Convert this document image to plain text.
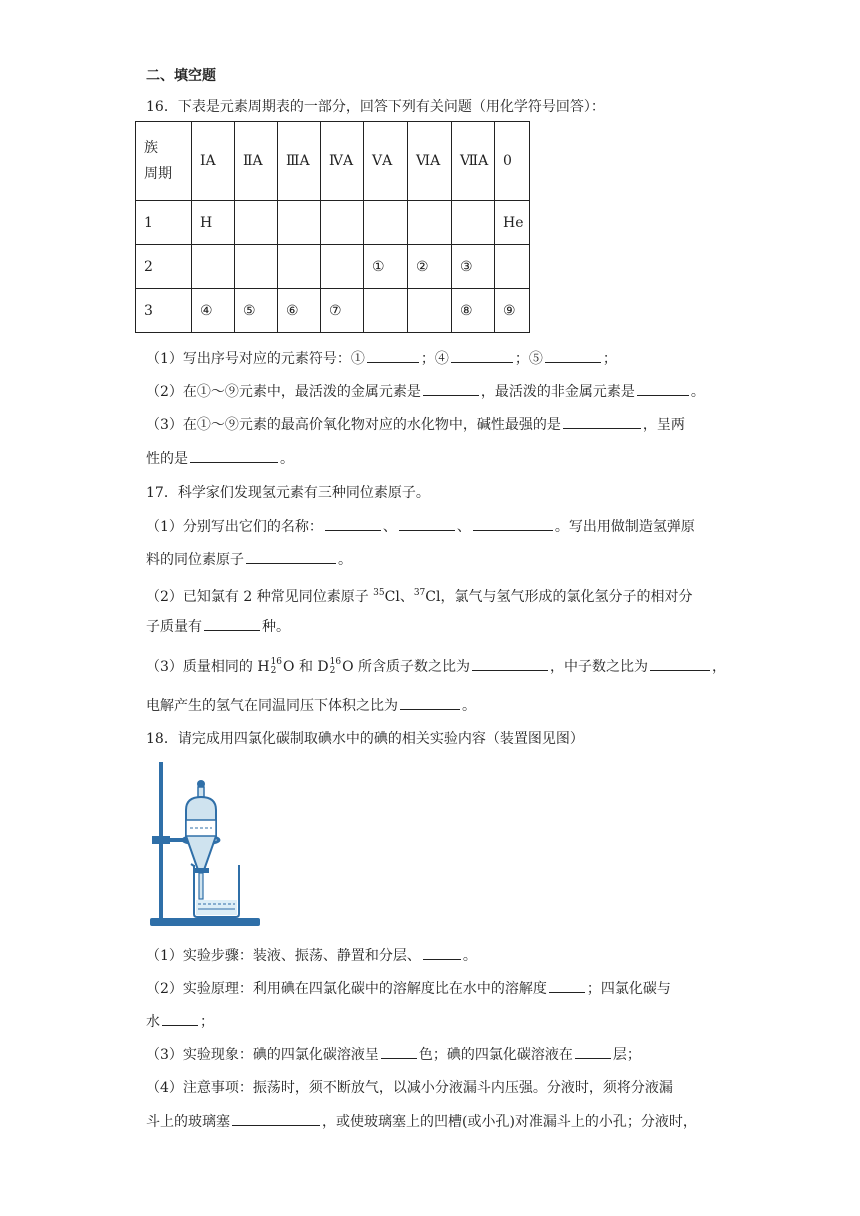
二、填空题
16．下表是元素周期表的一部分，回答下列有关问题（用化学符号回答）：
族
周期	ⅠA	ⅡA	ⅢA	ⅣA	ⅤA	ⅥA	ⅦA	0
1	H							He
2					①	②	③	
3	④	⑤	⑥	⑦			⑧	⑨
（1）写出序号对应的元素符号：①	；④	；⑤	；
（2）在①～⑨元素中，最活泼的金属元素是	，最活泼的非金属元素是	。
（3）在①～⑨元素的最高价氧化物对应的水化物中，碱性最强的是	，呈两
性的是	。
17．科学家们发现氢元素有三种同位素原子。
（1）分别写出它们的名称：	、	、	。写出用做制造氢弹原
料的同位素原子	。
（2）已知氯有 2 种常见同位素原子 $^{35}$Cl、$^{37}$Cl，氯气与氢气形成的氯化氢分子的相对分
子质量有	种。
（3）质量相同的 H 16
2 O 和 D 16
2 O 所含质子数之比为	，中子数之比为	，
电解产生的氢气在同温同压下体积之比为	。
18．请完成用四氯化碳制取碘水中的碘的相关实验内容（装置图见图）
（1）实验步骤：装液、振荡、静置和分层、	。
（2）实验原理：利用碘在四氯化碳中的溶解度比在水中的溶解度	；四氯化碳与
水	；
（3）实验现象：碘的四氯化碳溶液呈	色；碘的四氯化碳溶液在	层；
（4）注意事项：振荡时，须不断放气，以减小分液漏斗内压强。分液时，须将分液漏
斗上的玻璃塞	，或使玻璃塞上的凹槽(或小孔)对准漏斗上的小孔；分液时，
